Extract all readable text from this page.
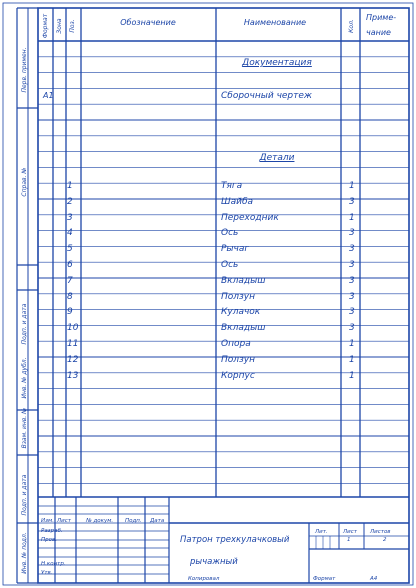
Формат Зона Поз.	Обозначение	Наименование	Кол.
Приме-
чание
Перв. примен.
Справ. №
Подп. и дата
Инв. № дубл.
Взам. инв. №
Подп. и дата
Инв. № подл.
Документация
Детали
А1	Сборочный чертеж
1	Тяга	1
2	Шайба	3
3	Переходник	1
4	Ось	3
5	Рычаг	3
6	Ось	3
7	Вкладыш	3
8	Ползун	3
9	Кулачок	3
10	Вкладыш	3
11	Опора	1
12	Ползун	1
13	Корпус	1
Изм. Лист	№ докум. Подп. Дата
Разраб.
Пров.
Н.контр.
Утв.
Патрон трехкулачковый
рычажный
Лит.	Лист Листов
1	2
Копировал	Формат	А4
